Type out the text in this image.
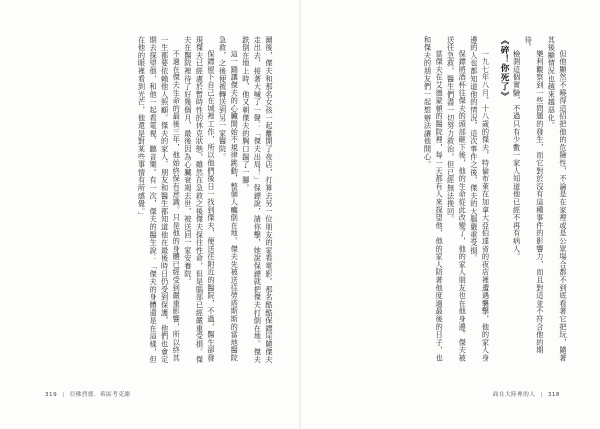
爾後，傑夫和那名女孩一起離開了夜店，打算去另一位朋友的家看電影。那名酷酷保鏢尾隨傑夫走出去，接著大喊了一聲：「傑夫出局！」保鏢說，請你擊，她說保鏢就把傑夫打倒在地。傑夫跌倒在地上時，他又朝傑夫的胸口踹了一腳。

這一踹讓傑夫的心臟開始不規律跳動，整個人癱倒在地。傑夫先被送往勞塔斯斯的當地醫院急救，之後便被轉送到另一家醫院。

保鏢留下自己在城裡工作，所以他們後日一找到傑夫，便送往附近的醫院，不過，醫生卻發現傑夫已經處於暫時性的休克狀態，雖然在急救之後傑夫保住性命，但是腦部已經嚴重受損。傑夫在醫院裡待了好幾個月，最後因為心臟衰竭去世，被送回一家安養院。

不過在傑夫生命的最後三年，他始終保有意識。只是他的身體已經受到嚴重影響，所以終其一生都要依賴他人照顧。傑夫的家人、朋友和醫生都知道他在最後時日仍受到保護，他們也會定期去探望他，和他一起看電視、聽音樂。有一次，傑夫的醫生說：「傑夫的身體還是在這樣，但在他的眼裡看到光芒，他還是對某些事情有所感覺。」

319 | 亞佛烈德．希區考克謝

但他顯然不曉得這招把他的危險性，不論是在家裡或是公眾場合都不到底看著它把玩，隨著其後顯情況也越來越惡化。

樂利觀察到一些問題的發生，而它對於沒有這種事件的影響力，而且對這並不符合他的期待。

檢測這個實驗，不過只有少數一家人知道他已經不再有病人。

《碎！你死了》

一九七年八月，十八歲的傑夫，特倫布萊在加拿大亞伯達省的夜店裡遭遇襲擊，他的家人身邊的人也都知道他的情況，這次事件之後，傑夫的大腦嚴重受損。

保鏢將酒杯往傑夫的頭部砸下後，他的生命從此改變了，他的家人朋友也在他身邊。傑夫被送往急救，醫生們盡一切努力救治，但已經無法挽回。

當傑夫在艾德蒙頓的醫院裡，每一天都有人來探望他，他的家人陪著他度過最後的日子，也和傑夫的朋友們一起想辦法讓他開心。

面在大陸裡的人 | 318
